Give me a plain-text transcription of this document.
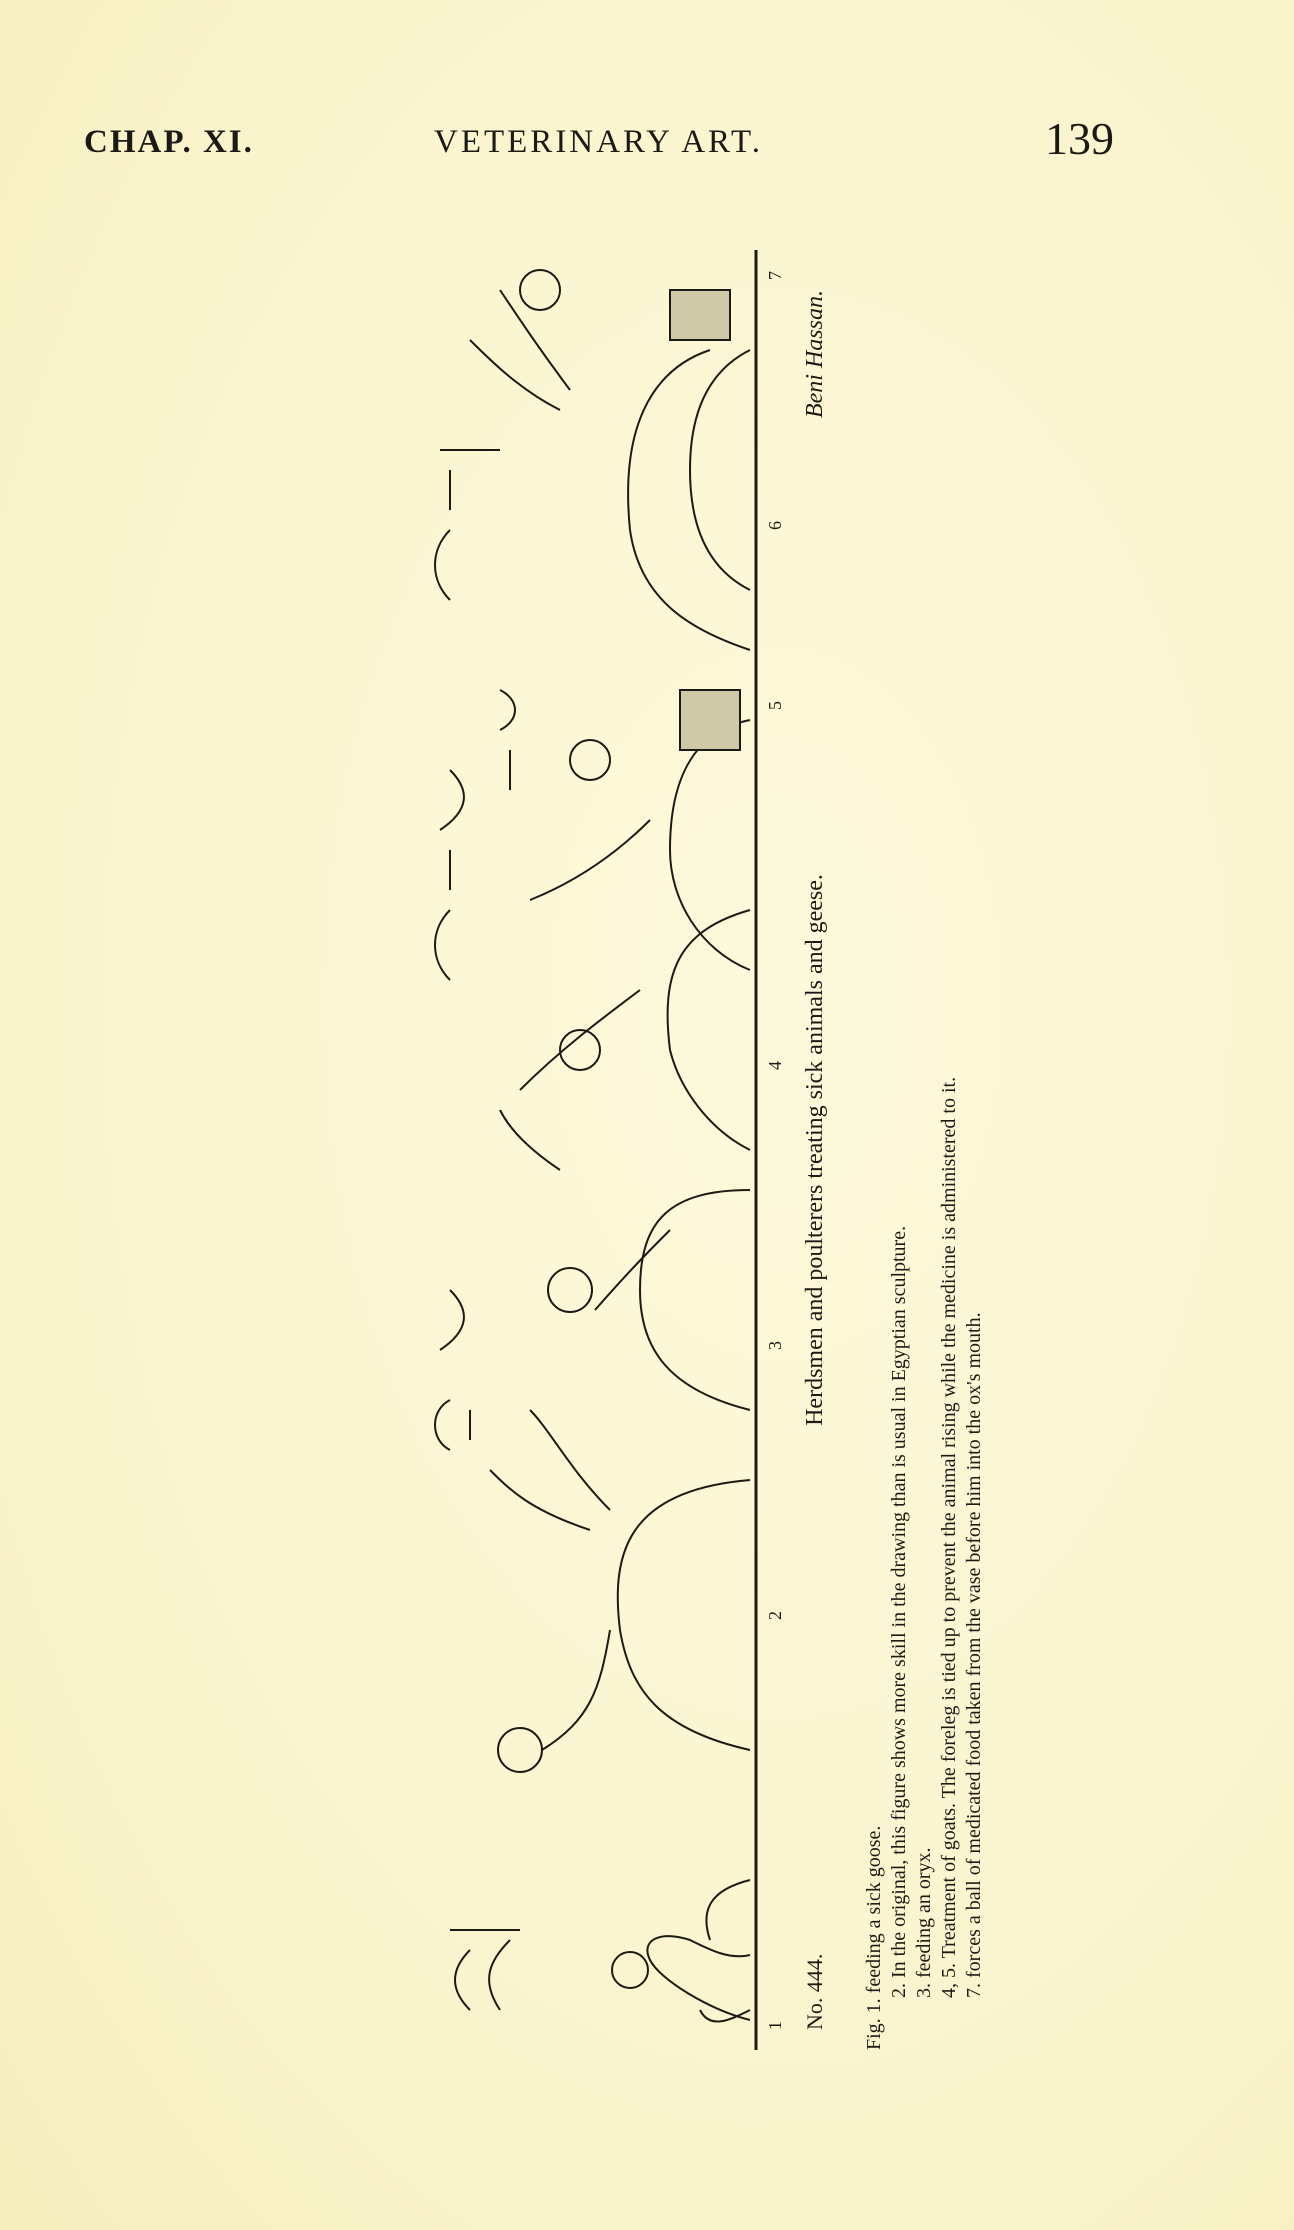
CHAP. XI.	VETERINARY ART.	139
1
2
3
4
5
6
7
Herdsmen and poulterers treating sick animals and geese.
No. 444.
Beni Hassan.
Fig. 1. feeding a sick goose. 2. In the original, this figure shows more skill in the drawing than is usual in Egyptian sculpture.
3. feeding an oryx.
4, 5. Treatment of goats. The foreleg is tied up to prevent the animal rising while the medicine is administered to it.
7. forces a ball of medicated food taken from the vase before him into the ox's mouth.
